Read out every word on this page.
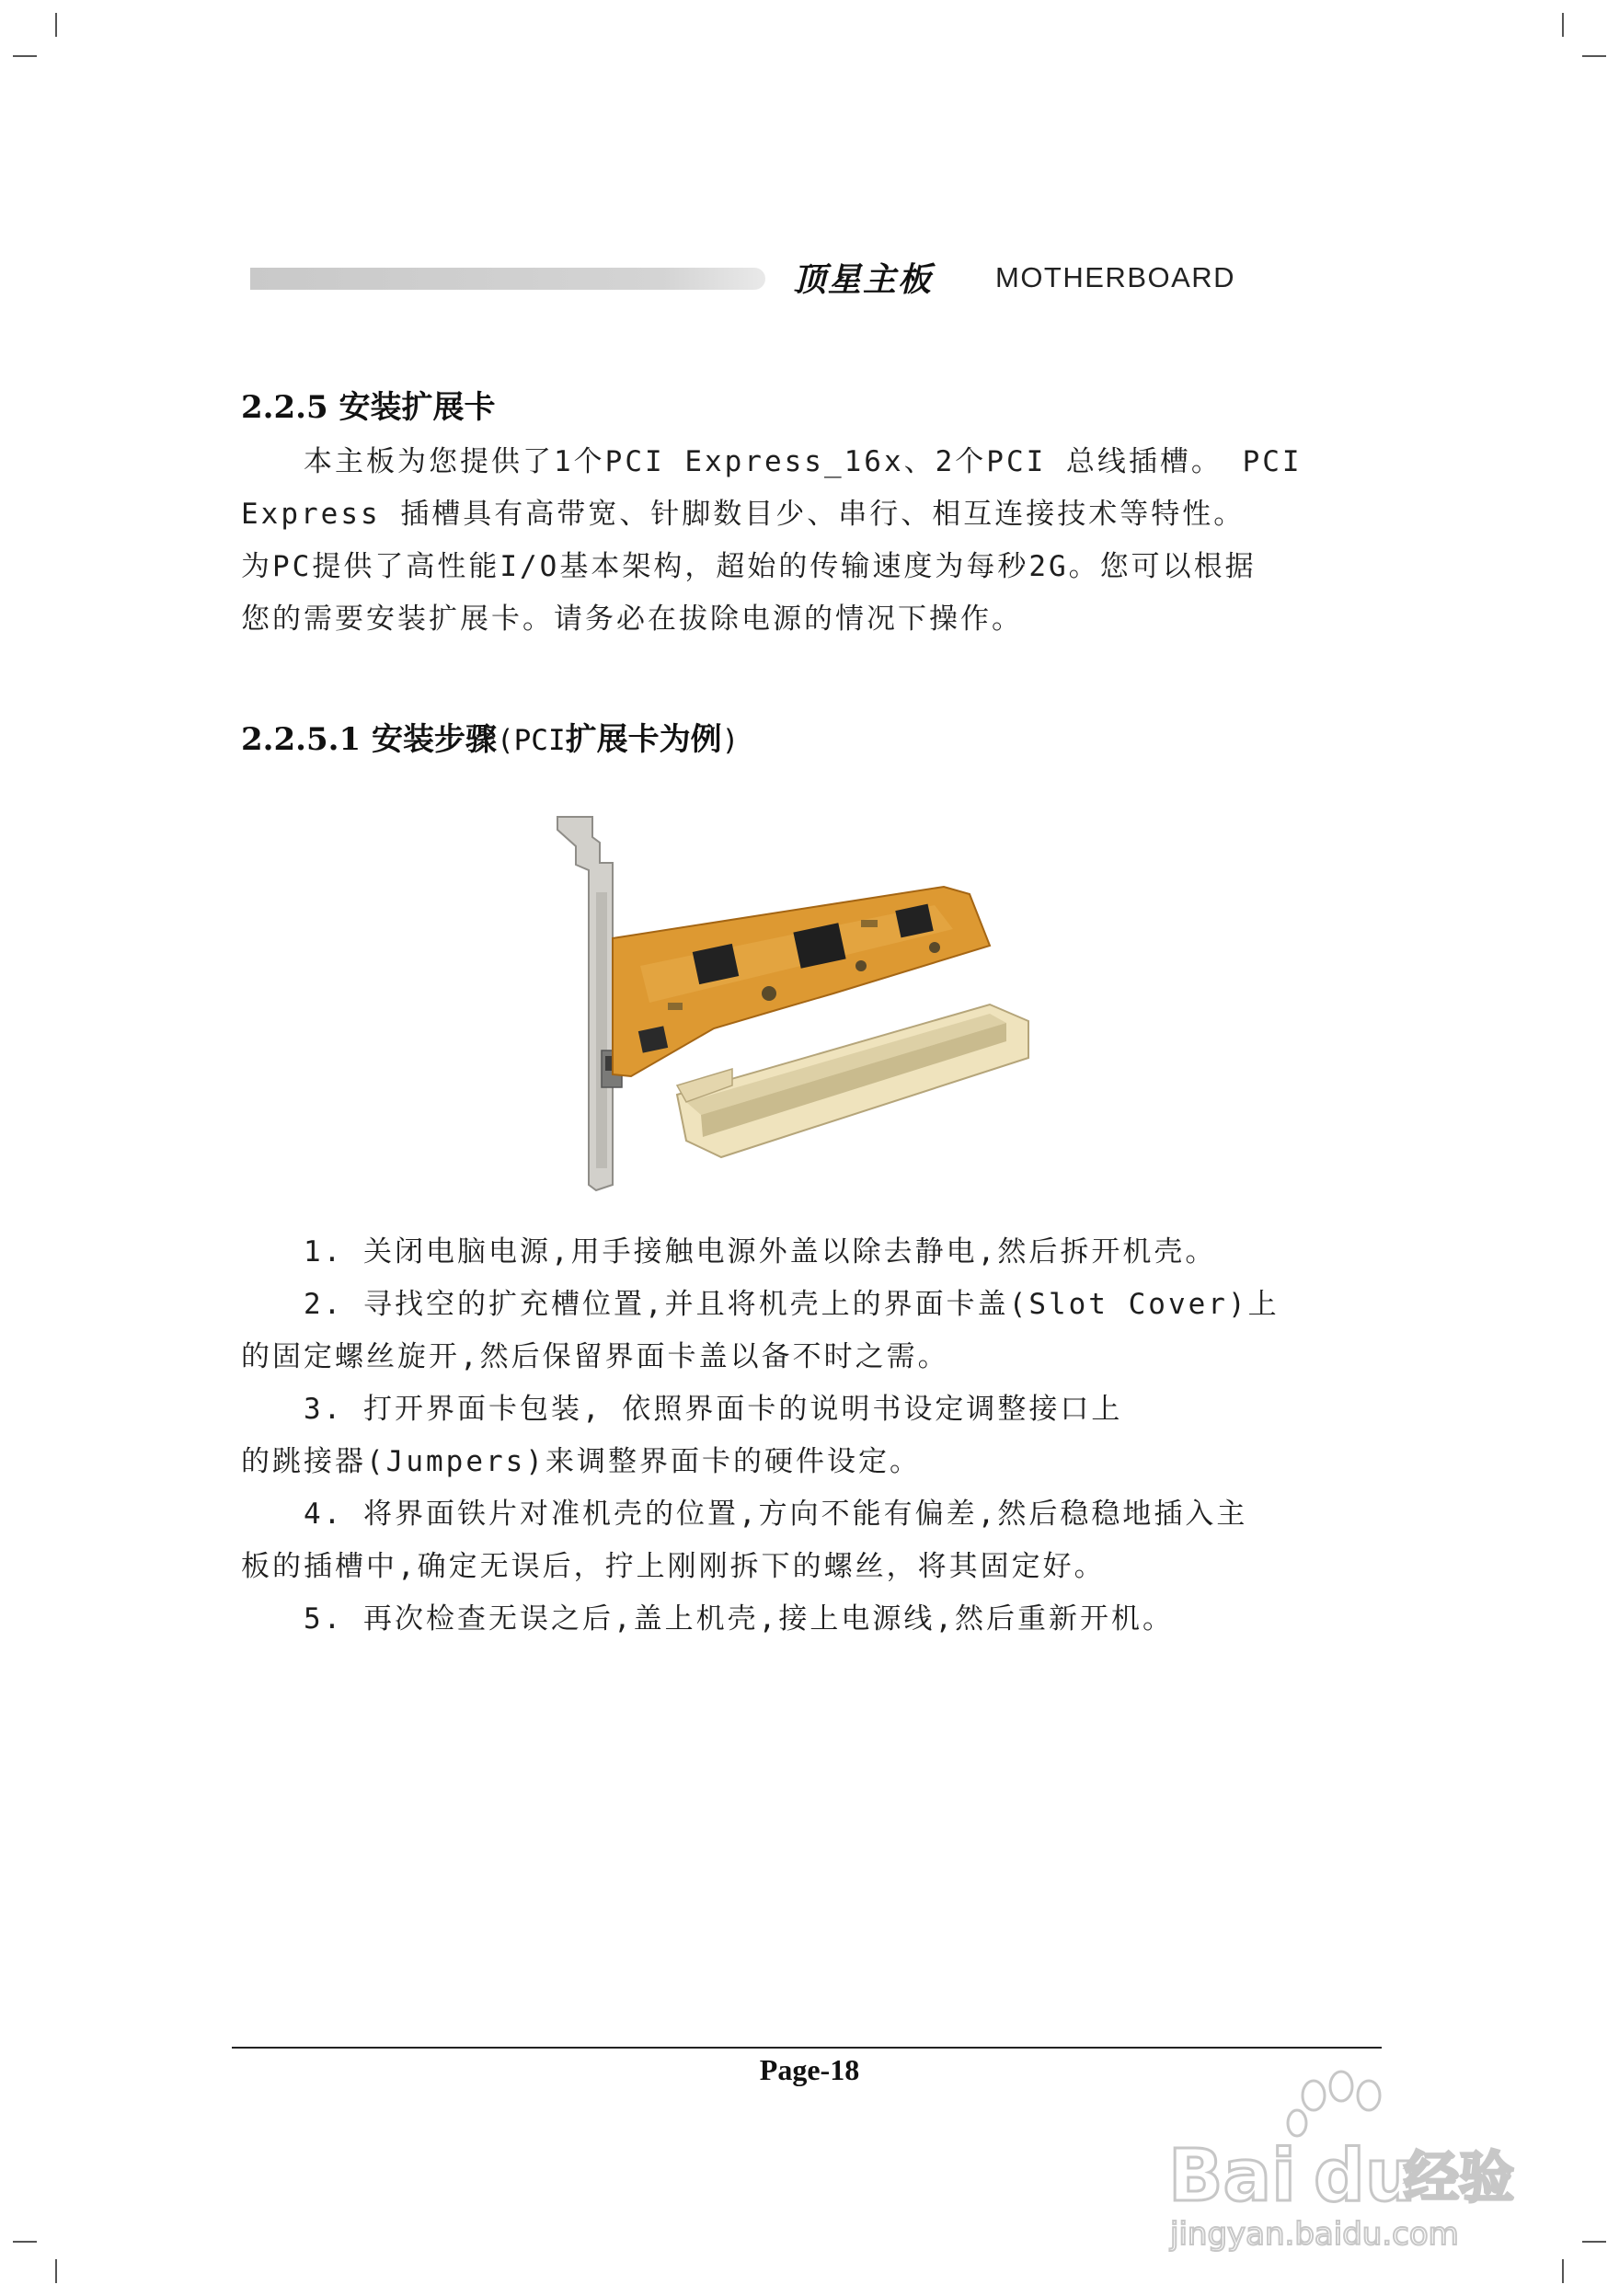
顶星主板 MOTHERBOARD
2.2.5 安装扩展卡

本主板为您提供了1个PCI Express_16x、2个PCI 总线插槽。 PCI

Express 插槽具有高带宽、针脚数目少、串行、相互连接技术等特性。

为PC提供了高性能I/O基本架构，超始的传输速度为每秒2G。您可以根据

您的需要安装扩展卡。请务必在拔除电源的情况下操作。

2.2.5.1 安装步骤(PCI扩展卡为例)

1. 关闭电脑电源,用手接触电源外盖以除去静电,然后拆开机壳。

2. 寻找空的扩充槽位置,并且将机壳上的界面卡盖(Slot Cover)上

的固定螺丝旋开,然后保留界面卡盖以备不时之需。

3. 打开界面卡包装, 依照界面卡的说明书设定调整接口上

的跳接器(Jumpers)来调整界面卡的硬件设定。

4. 将界面铁片对准机壳的位置,方向不能有偏差,然后稳稳地插入主

板的插槽中,确定无误后，拧上刚刚拆下的螺丝，将其固定好。

5. 再次检查无误之后,盖上机壳,接上电源线,然后重新开机。

Page-18
Bai du
经验
jingyan.baidu.com
